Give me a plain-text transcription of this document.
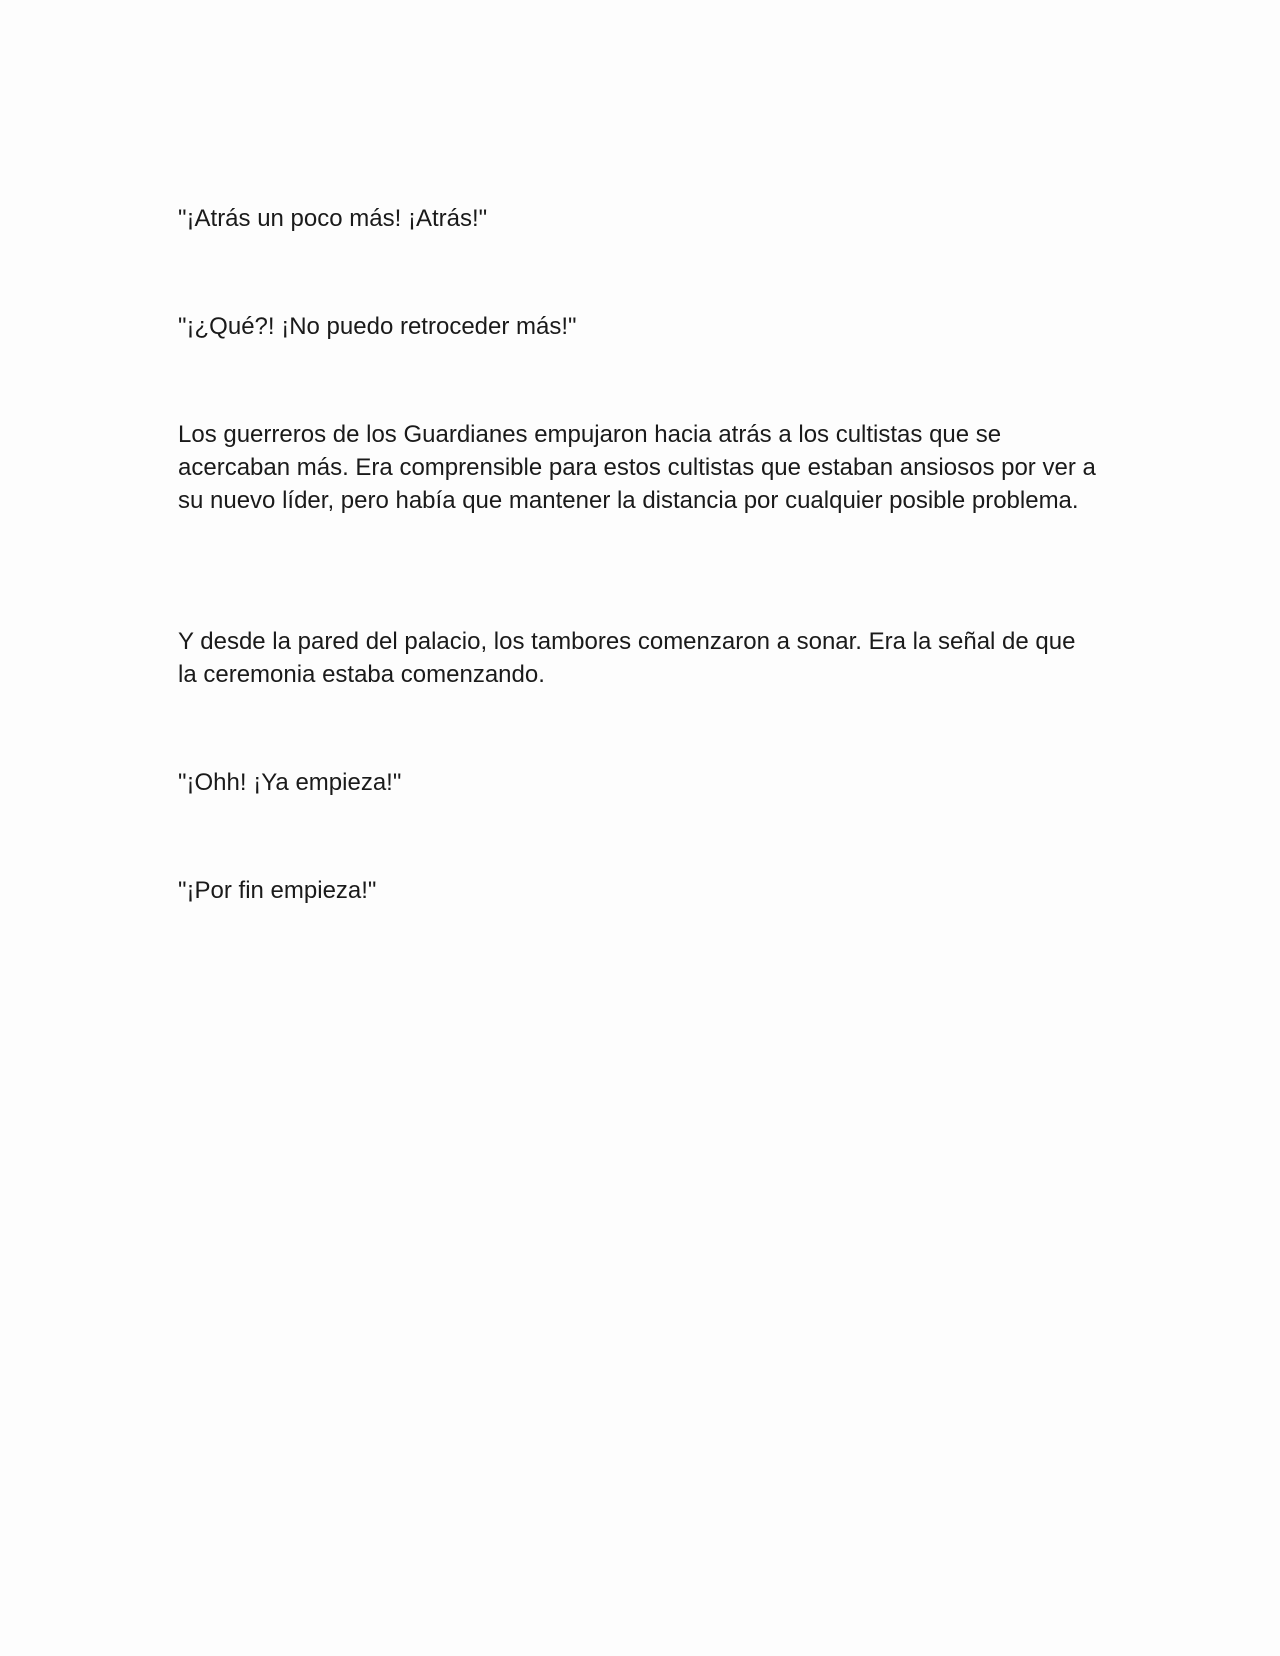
"¡Atrás un poco más! ¡Atrás!"

"¡¿Qué?! ¡No puedo retroceder más!"

Los guerreros de los Guardianes empujaron hacia atrás a los cultistas que se acercaban más. Era comprensible para estos cultistas que estaban ansiosos por ver a su nuevo líder, pero había que mantener la distancia por cualquier posible problema.

Y desde la pared del palacio, los tambores comenzaron a sonar. Era la señal de que la ceremonia estaba comenzando.

"¡Ohh! ¡Ya empieza!"

"¡Por fin empieza!"
